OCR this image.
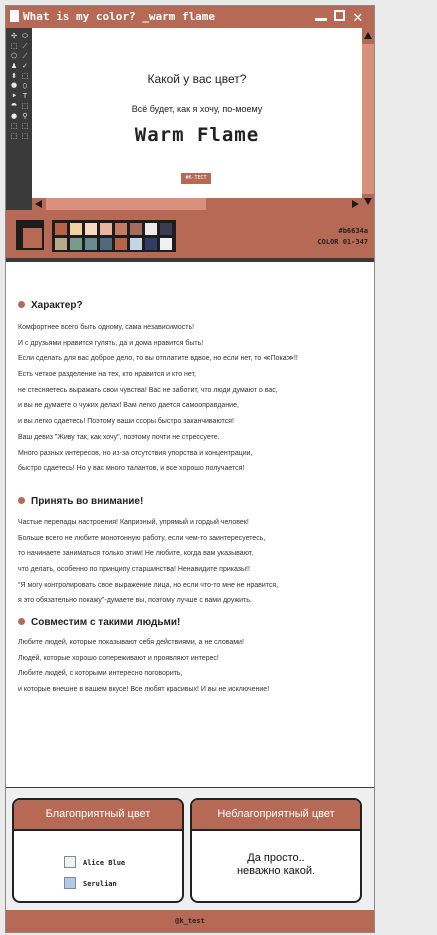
What is my color? _warm flame	✕
✣ ⬭
⬚ ⟋
⬠ ⟋
♟ ✓
⬍ ⬚
⯃ ⬯
⯈ T
⯊ ⬚
● ⚲
⬚ ⬚
⬚ ⬚
Какой у вас цвет?
Всё будет, как я хочу, по-моему
Warm Flame
#K-ТЕСТ
#b6634a
COLOR 01-347
Характер?
Комфортнее всего быть одному, сама независимость!
И с друзьями нравится гулять, да и дома нравится быть!
Если сделать для вас доброе дело, то вы отплатите вдвое, но если нет, то ≪Пока≫!!
Есть четкое разделение на тех, кто нравится и кто нет,
не стесняетесь выражать свои чувства! Вас не заботит, что люди думают о вас,
и вы не думаете о чужих делах! Вам легко дается самооправдание,
и вы легко сдаетесь! Поэтому ваши ссоры быстро заканчиваются!
Ваш девиз "Живу так, как хочу", поэтому почти не стрессуете.
Много разных интересов, но из-за отсутствия упорства и концентрации,
быстро сдаетесь! Но у вас много талантов, и все хорошо получается!
Принять во внимание!
Частые перепады настроения! Капризный, упрямый и гордый человек!
Больше всего не любите монотонную работу, если чем-то заинтересуетесь,
то начинаете заниматься только этим! Не любите, когда вам указывают,
что делать, особенно по принципу старшинства! Ненавидите приказы!!
"Я могу контролировать свое выражение лица, но если что-то мне не нравится,
я это обязательно покажу"-думаете вы, поэтому лучше с вами дружить.
Совместим с такими людьми!
Любите людей, которые показывают себя действиями, а не словами!
Людей, которые хорошо сопереживают и проявляют интерес!
Любите людей, с которыми интересно поговорить,
и которые внешне в вашем вкусе! Все любят красивых! И вы не исключение!
Благоприятный цвет
Alice Blue
Serulian
Неблагоприятный цвет
Да просто..
неважно какой.
@k_test
